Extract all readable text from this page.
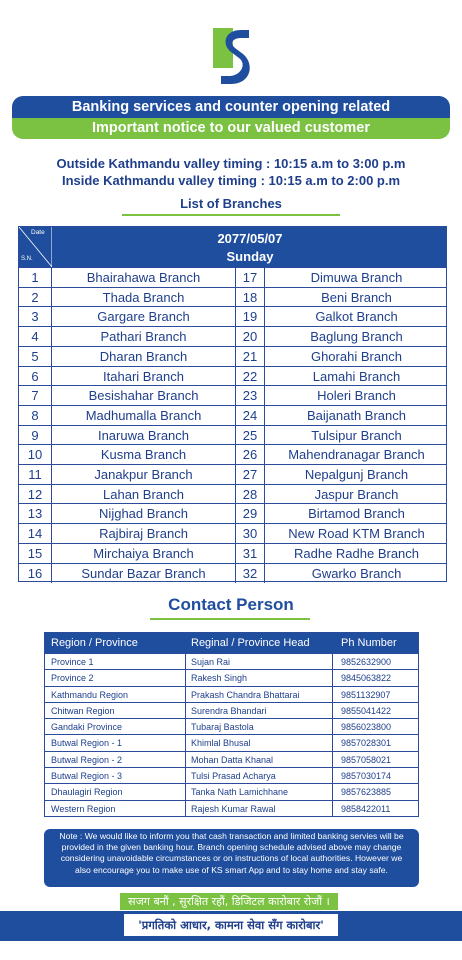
Banking services and counter opening related
Important notice to our valued customer
Outside Kathmandu valley timing : 10:15 a.m to 3:00 p.m
Inside Kathmandu valley timing : 10:15 a.m to 2:00 p.m
List of Branches
Date
S.N.
2077/05/07
Sunday
1	Bhairahawa Branch	17	Dimuwa Branch
2	Thada Branch	18	Beni Branch
3	Gargare Branch	19	Galkot Branch
4	Pathari Branch	20	Baglung Branch
5	Dharan Branch	21	Ghorahi Branch
6	Itahari Branch	22	Lamahi Branch
7	Besishahar Branch	23	Holeri Branch
8	Madhumalla Branch	24	Baijanath Branch
9	Inaruwa Branch	25	Tulsipur Branch
10	Kusma Branch	26	Mahendranagar Branch
11	Janakpur Branch	27	Nepalgunj Branch
12	Lahan Branch	28	Jaspur Branch
13	Nijghad Branch	29	Birtamod Branch
14	Rajbiraj Branch	30	New Road KTM Branch
15	Mirchaiya Branch	31	Radhe Radhe Branch
16	Sundar Bazar Branch	32	Gwarko Branch
Contact Person
Region / Province	Reginal / Province Head	Ph Number
Province 1	Sujan Rai	9852632900
Province 2	Rakesh Singh	9845063822
Kathmandu Region	Prakash Chandra Bhattarai	9851132907
Chitwan Region	Surendra Bhandari	9855041422
Gandaki Province	Tubaraj Bastola	9856023800
Butwal Region - 1	Khimlal Bhusal	9857028301
Butwal Region - 2	Mohan Datta Khanal	9857058021
Butwal Region - 3	Tulsi Prasad Acharya	9857030174
Dhaulagiri Region	Tanka Nath Lamichhane	9857623885
Western Region	Rajesh Kumar Rawal	9858422011
Note : We would like to inform you that cash transaction and limited banking servies will be provided in the given banking hour. Branch opening schedule advised above may change considering unavoidable circumstances or on instructions of local authorities. However we also encourage you to make use of KS smart App and to stay home and stay safe.
सजग बनौं , सुरक्षित रहौं, डिजिटल कारोबार रोजौं ।
'प्रगतिको आधार, कामना सेवा सँग कारोबार'
